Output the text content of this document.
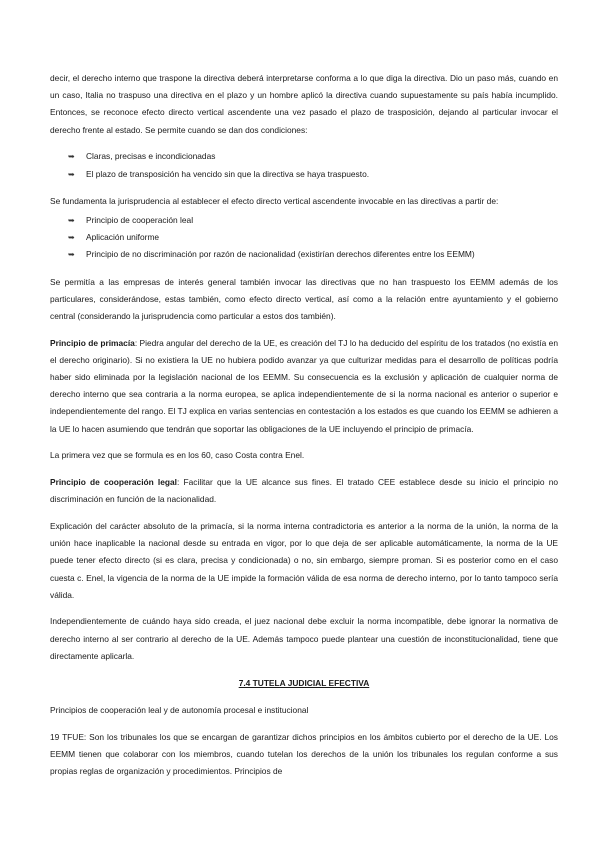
decir, el derecho interno que traspone la directiva deberá interpretarse conforma a lo que diga la directiva. Dio un paso más, cuando en un caso, Italia no traspuso una directiva en el plazo y un hombre aplicó la directiva cuando supuestamente su país había incumplido. Entonces, se reconoce efecto directo vertical ascendente una vez pasado el plazo de trasposición, dejando al particular invocar el derecho frente al estado. Se permite cuando se dan dos condiciones:

➥ Claras, precisas e incondicionadas
➥ El plazo de transposición ha vencido sin que la directiva se haya traspuesto.

Se fundamenta la jurisprudencia al establecer el efecto directo vertical ascendente invocable en las directivas a partir de:

➥ Principio de cooperación leal
➥ Aplicación uniforme
➥ Principio de no discriminación por razón de nacionalidad (existirían derechos diferentes entre los EEMM)

Se permitía a las empresas de interés general también invocar las directivas que no han traspuesto los EEMM además de los particulares, considerándose, estas también, como efecto directo vertical, así como a la relación entre ayuntamiento y el gobierno central (considerando la jurisprudencia como particular a estos dos también).

Principio de primacía: Piedra angular del derecho de la UE, es creación del TJ lo ha deducido del espíritu de los tratados (no existía en el derecho originario). Si no existiera la UE no hubiera podido avanzar ya que culturizar medidas para el desarrollo de políticas podría haber sido eliminada por la legislación nacional de los EEMM. Su consecuencia es la exclusión y aplicación de cualquier norma de derecho interno que sea contraria a la norma europea, se aplica independientemente de si la norma nacional es anterior o superior e independientemente del rango. El TJ explica en varias sentencias en contestación a los estados es que cuando los EEMM se adhieren a la UE lo hacen asumiendo que tendrán que soportar las obligaciones de la UE incluyendo el principio de primacía.

La primera vez que se formula es en los 60, caso Costa contra Enel.

Principio de cooperación legal: Facilitar que la UE alcance sus fines. El tratado CEE establece desde su inicio el principio no discriminación en función de la nacionalidad.

Explicación del carácter absoluto de la primacía, si la norma interna contradictoria es anterior a la norma de la unión, la norma de la unión hace inaplicable la nacional desde su entrada en vigor, por lo que deja de ser aplicable automáticamente, la norma de la UE puede tener efecto directo (si es clara, precisa y condicionada) o no, sin embargo, siempre proman. Si es posterior como en el caso cuesta c. Enel, la vigencia de la norma de la UE impide la formación válida de esa norma de derecho interno, por lo tanto tampoco sería válida.

Independientemente de cuándo haya sido creada, el juez nacional debe excluir la norma incompatible, debe ignorar la normativa de derecho interno al ser contrario al derecho de la UE. Además tampoco puede plantear una cuestión de inconstitucionalidad, tiene que directamente aplicarla.

7.4 TUTELA JUDICIAL EFECTIVA

Principios de cooperación leal y de autonomía procesal e institucional

19 TFUE: Son los tribunales los que se encargan de garantizar dichos principios en los ámbitos cubierto por el derecho de la UE. Los EEMM tienen que colaborar con los miembros, cuando tutelan los derechos de la unión los tribunales los regulan conforme a sus propias reglas de organización y procedimientos. Principios de
